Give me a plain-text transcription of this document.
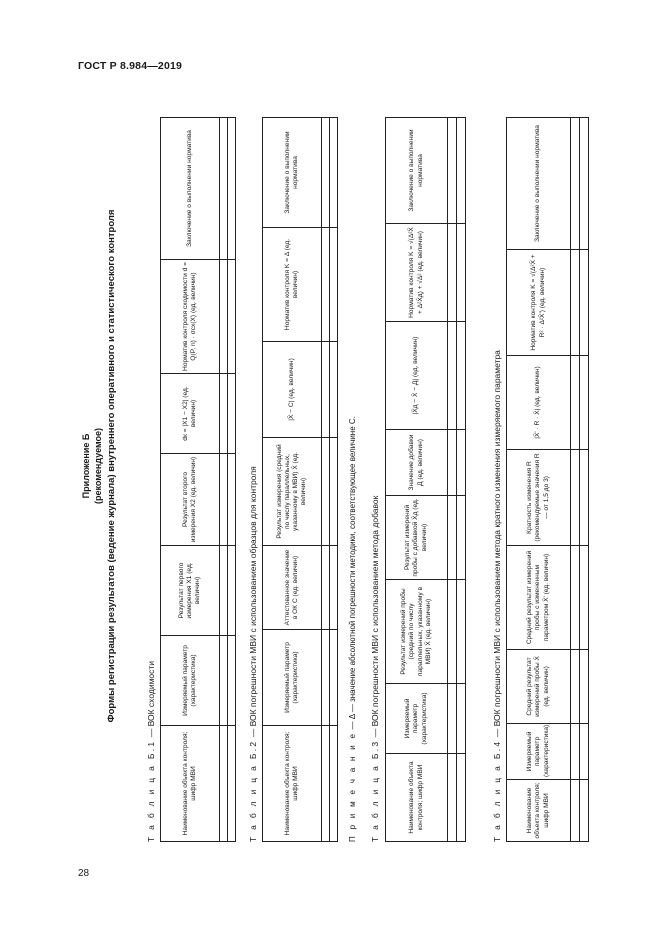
ГОСТ Р 8.984—2019
28
Приложение Б (рекомендуемое) Формы регистрации результатов (ведение журнала) внутреннего оперативного и статистического контроля
Т а б л и ц а Б.1 — ВОК сходимости
Наименование объекта контроля; шифр МВИ	Измеряемый параметр (характеристика)	Результат первого измерения X1 (ед. величин)	Результат второго измерения X2 (ед. величин)	dк = |X1 − X2| (ед. величин)	Норматив контроля сходимости d = Q(P, n) · σсх(X) (ед. величин)	Заключение о выполнении норматива

Т а б л и ц а Б.2 — ВОК погрешности МВИ с использованием образцов для контроля
Наименование объекта контроля; шифр МВИ	Измеряемый параметр (характеристика)	Аттестованное значение в ОК C (ед. величин)	Результат измерения (средний по числу параллельных, указанному в МВИ) X̄ (ед. величин)	|X̄ − C| (ед. величин)	Норматив контроля K = Δ (ед. величин)	Заключение о выполнении норматива

П р и м е ч а н и е — Δ — значение абсолютной погрешности методики, соответствующее величине C.
Т а б л и ц а Б.3 — ВОК погрешности МВИ с использованием метода добавок
Наименование объекта контроля; шифр МВИ	Измеряемый параметр (характеристика)	Результат измерений пробы (средний по числу параллельных, указанному в МВИ) X̄ (ед. величин)	Результат измерений пробы с добавкой X̄д (ед. величин)	Значение добавки Д (ед. величин)	|X̄д − X̄ − Д| (ед. величин)	Норматив контроля K = √(Δ²X̄ + Δ²X̄д) + √Δ² (ед. величин)	Заключение о выполнении норматива

Т а б л и ц а Б.4 — ВОК погрешности МВИ с использованием метода кратного изменения измеряемого параметра
Наименование объекта контроля; шифр МВИ	Измеряемый параметр (характеристика)	Средний результат измерений пробы X̄ (ед. величин)	Средний результат измерений пробы с измененным параметром X̄' (ед. величин)	Кратность изменения R (рекомендуемые значения R — от 1,5 до 3)	|X̄' · R · X̄| (ед. величин)	Норматив контроля K = √(Δ²X̄ + R² · Δ²X̄') (ед. величин)	Заключение о выполнении норматива
